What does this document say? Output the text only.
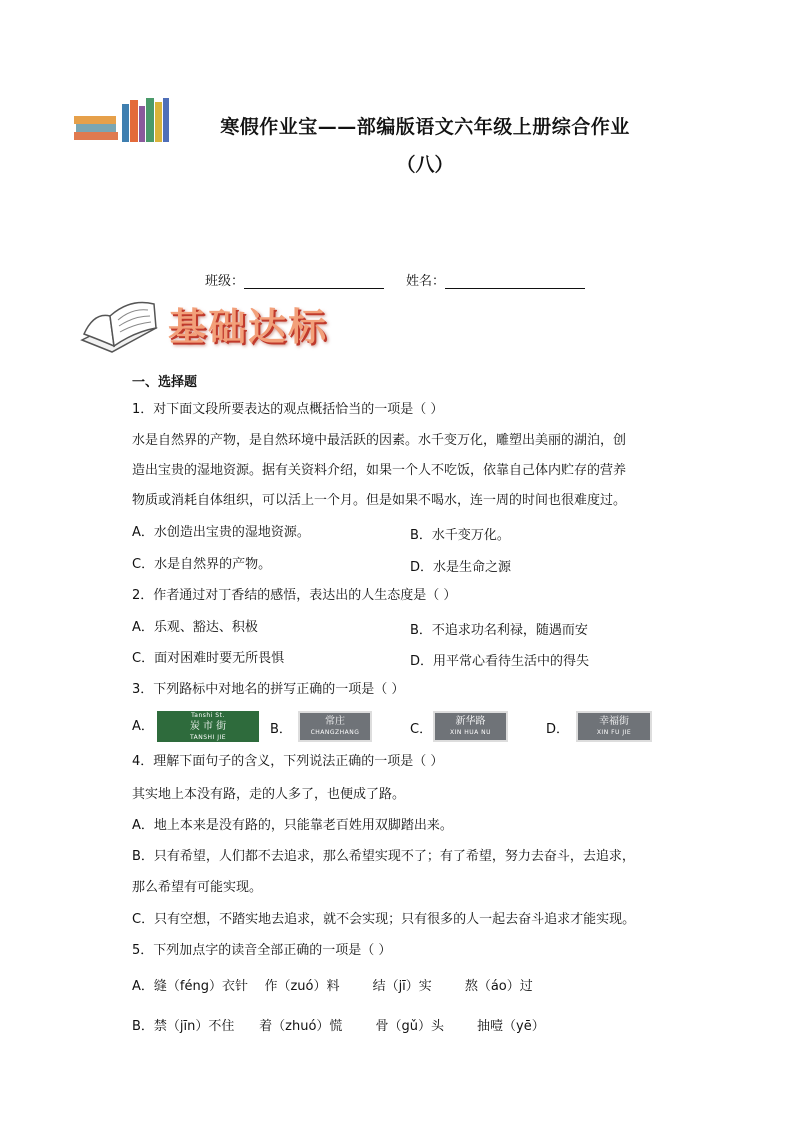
寒假作业宝——部编版语文六年级上册综合作业
（八）
班级：	姓名：
基础达标
一、选择题
1．对下面文段所要表达的观点概括恰当的一项是（ ）
水是自然界的产物，是自然环境中最活跃的因素。水千变万化，雕塑出美丽的湖泊，创
造出宝贵的湿地资源。据有关资料介绍，如果一个人不吃饭，依靠自己体内贮存的营养
物质或消耗自体组织，可以活上一个月。但是如果不喝水，连一周的时间也很难度过。
A．水创造出宝贵的湿地资源。	B．水千变万化。
C．水是自然界的产物。	D．水是生命之源
2．作者通过对丁香结的感悟，表达出的人生态度是（ ）
A．乐观、豁达、积极	B．不追求功名利禄，随遇而安
C．面对困难时要无所畏惧	D．用平常心看待生活中的得失
3．下列路标中对地名的拼写正确的一项是（ ）
A．
Tanshi St.
炭 市 街
TANSHI JIE
B．
常庄
CHANGZHANG	C．
新华路
XIN HUA NU	D．
幸福街
XIN FU JIE
4．理解下面句子的含义，下列说法正确的一项是（ ）
其实地上本没有路，走的人多了，也便成了路。
A．地上本来是没有路的，只能靠老百姓用双脚踏出来。
B．只有希望，人们都不去追求，那么希望实现不了；有了希望，努力去奋斗，去追求，
那么希望有可能实现。
C．只有空想，不踏实地去追求，就不会实现；只有很多的人一起去奋斗追求才能实现。
5．下列加点字的读音全部正确的一项是（ ）
A．缝（féng）衣针    作（zuó）料        结（jī）实        熬（áo）过
B．禁（jīn）不住      着（zhuó）慌        骨（gǔ）头        抽噎（yē）
